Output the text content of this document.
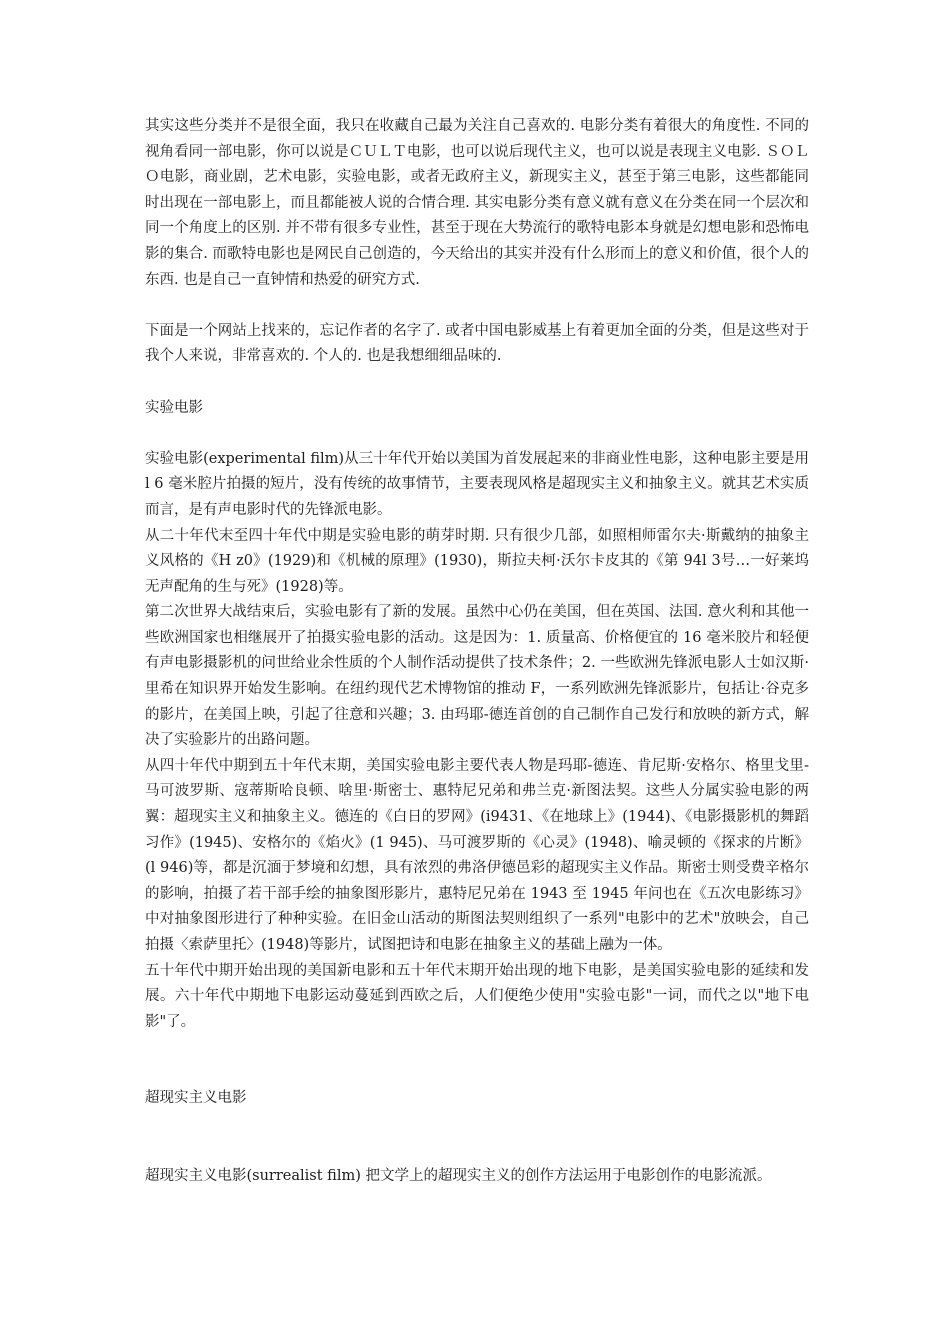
其实这些分类并不是很全面，我只在收藏自己最为关注自己喜欢的. 电影分类有着很大的角度性. 不同的视角看同一部电影，你可以说是ＣＵＬＴ电影，也可以说后现代主义，也可以说是表现主义电影. ＳＯＬＯ电影，商业剧，艺术电影，实验电影，或者无政府主义，新现实主义，甚至于第三电影，这些都能同时出现在一部电影上，而且都能被人说的合情合理. 其实电影分类有意义就有意义在分类在同一个层次和同一个角度上的区别. 并不带有很多专业性，甚至于现在大势流行的歌特电影本身就是幻想电影和恐怖电影的集合. 而歌特电影也是网民自己创造的，今天给出的其实并没有什么形而上的意义和价值，很个人的东西. 也是自己一直钟情和热爱的研究方式.

下面是一个网站上找来的，忘记作者的名字了. 或者中国电影威基上有着更加全面的分类，但是这些对于我个人来说，非常喜欢的. 个人的. 也是我想细细品味的.

实验电影

实验电影(experimental film)从三十年代开始以美国为首发展起来的非商业性电影，这种电影主要是用l 6 毫米腔片拍摄的短片，没有传统的故事情节，主要表现风格是超现实主义和抽象主义。就其艺术实质而言，是有声电影时代的先锋派电影。

从二十年代末至四十年代中期是实验电影的萌芽时期. 只有很少几部，如照相师雷尔夫·斯戴纳的抽象主义风格的《H z0》(1929)和《机械的原理》(1930)，斯拉夫柯·沃尔卡皮其的《第 94l 3号…一好莱坞无声配角的生与死》(1928)等。

第二次世界大战结束后，实验电影有了新的发展。虽然中心仍在美国，但在英国、法国. 意火利和其他一些欧洲国家也相继展开了拍摄实验电影的活动。这是因为：1. 质量高、价格便宜的 16 毫米胶片和轻便有声电影摄影机的问世给业余性质的个人制作活动提供了技术条件；2. 一些欧洲先锋派电影人士如汉斯·里希在知识界开始发生影响。在纽约现代艺术博物馆的推动 F，一系列欧洲先锋派影片，包括让·谷克多的影片，在美国上映，引起了往意和兴趣；3. 由玛耶-德连首创的自己制作自己发行和放映的新方式，解决了实验影片的出路问题。

从四十年代中期到五十年代末期，美国实验电影主要代表人物是玛耶-德连、肯尼斯·安格尔、格里戈里-马可波罗斯、寇蒂斯哈良顿、啥里·斯密士、惠特尼兄弟和弗兰克·新图法契。这些人分属实验电影的两翼：超现实主义和抽象主义。德连的《白日的罗网》(i9431、《在地球上》(1944)、《电影摄影机的舞蹈习作》(1945)、安格尔的《焰火》(1 945)、马可渡罗斯的《心灵》(1948)、喻灵顿的《探求的片断》(l 946)等，都是沉湎于梦境和幻想，具有浓烈的弗洛伊德邑彩的超现实主义作品。斯密士则受费辛格尔的影响，拍摄了若干部手绘的抽象图形影片，惠特尼兄弟在 1943 至 1945 年问也在《五次电影练习》中对抽象图形进行了种种实验。在旧金山活动的斯图法契则组织了一系列"电影中的艺术"放映会，自己拍摄〈索萨里托〉(1948)等影片，试图把诗和电影在抽象主义的基础上融为一体。

五十年代中期开始出现的美国新电影和五十年代末期开始出现的地下电影，是美国实验电影的延续和发展。六十年代中期地下电影运动蔓延到西欧之后，人们便绝少使用"实验屯影"一词，而代之以"地下电影"了。

超现实主义电影

超现实主义电影(surrealist film) 把文学上的超现实主义的创作方法运用于电影创作的电影流派。
